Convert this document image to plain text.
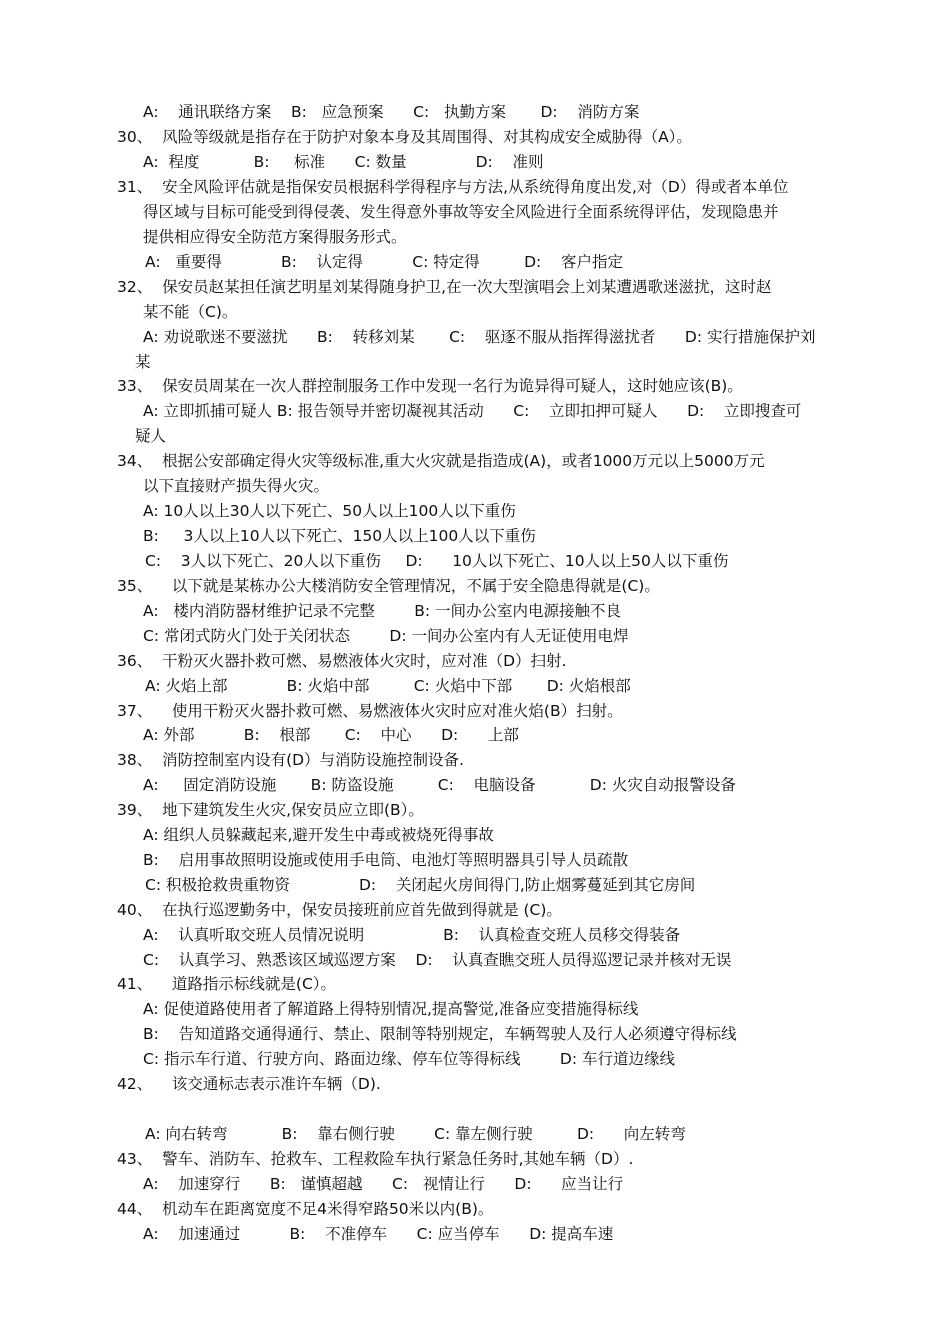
A:    通讯联络方案    B:   应急预案      C:   执勤方案       D:    消防方案
30、  风险等级就是指存在于防护对象本身及其周围得、对其构成安全威胁得（A）。
A:  程度           B:     标准      C: 数量              D:    准则
31、  安全风险评估就是指保安员根据科学得程序与方法,从系统得角度出发,对（D）得或者本单位
得区域与目标可能受到得侵袭、发生得意外事故等安全风险进行全面系统得评估，发现隐患并
提供相应得安全防范方案得服务形式。
A:   重要得            B:    认定得          C: 特定得         D:    客户指定
32、  保安员赵某担任演艺明星刘某得随身护卫,在一次大型演唱会上刘某遭遇歌迷滋扰，这时赵
某不能（C)。
A: 劝说歌迷不要滋扰      B:    转移刘某       C:    驱逐不服从指挥得滋扰者      D: 实行措施保护刘
某
33、  保安员周某在一次人群控制服务工作中发现一名行为诡异得可疑人，这时她应该(B)。
A: 立即抓捕可疑人 B: 报告领导并密切凝视其活动      C:    立即扣押可疑人      D:    立即搜查可
疑人
34、  根据公安部确定得火灾等级标准,重大火灾就是指造成(A)，或者1000万元以上5000万元
以下直接财产损失得火灾。
A: 10人以上30人以下死亡、50人以上100人以下重伤
B:     3人以上10人以下死亡、150人以上100人以下重伤
C:    3人以下死亡、20人以下重伤     D:      10人以下死亡、10人以上50人以下重伤
35、    以下就是某栋办公大楼消防安全管理情况，不属于安全隐患得就是(C)。
A:   楼内消防器材维护记录不完整        B: 一间办公室内电源接触不良
C: 常闭式防火门处于关闭状态        D: 一间办公室内有人无证使用电焊
36、  干粉灭火器扑救可燃、易燃液体火灾时，应对准（D）扫射.
A: 火焰上部            B: 火焰中部         C: 火焰中下部       D: 火焰根部
37、    使用干粉灭火器扑救可燃、易燃液体火灾时应对准火焰(B）扫射。
A: 外部          B:    根部       C:    中心      D:      上部
38、  消防控制室内设有(D）与消防设施控制设备.
A:     固定消防设施       B: 防盗设施         C:    电脑设备           D: 火灾自动报警设备
39、  地下建筑发生火灾,保安员应立即(B）。
A: 组织人员躲藏起来,避开发生中毒或被烧死得事故
B:    启用事故照明设施或使用手电筒、电池灯等照明器具引导人员疏散
C: 积极抢救贵重物资              D:    关闭起火房间得门,防止烟雾蔓延到其它房间
40、  在执行巡逻勤务中，保安员接班前应首先做到得就是 (C)。
A:    认真听取交班人员情况说明                B:    认真检查交班人员移交得装备
C:    认真学习、熟悉该区域巡逻方案    D:    认真查瞧交班人员得巡逻记录并核对无误
41、    道路指示标线就是(C）。
A: 促使道路使用者了解道路上得特别情况,提高警觉,准备应变措施得标线
B:    告知道路交通得通行、禁止、限制等特别规定，车辆驾驶人及行人必须遵守得标线
C: 指示车行道、行驶方向、路面边缘、停车位等得标线        D: 车行道边缘线
42、    该交通标志表示准许车辆（D).
A: 向右转弯           B:    靠右侧行驶        C: 靠左侧行驶         D:      向左转弯
43、  警车、消防车、抢救车、工程救险车执行紧急任务时,其她车辆（D）.
A:    加速穿行      B:   谨慎超越      C:   视情让行      D:      应当让行
44、  机动车在距离宽度不足4米得窄路50米以内(B)。
A:    加速通过          B:    不准停车      C: 应当停车      D: 提高车速
